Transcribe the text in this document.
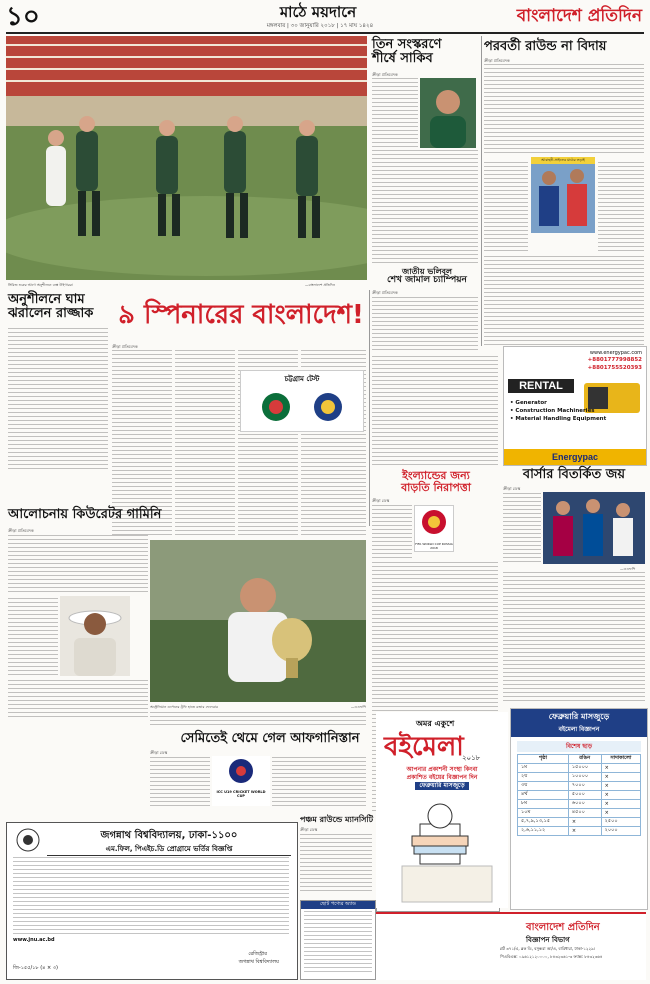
১০	মাঠে ময়দানে
মঙ্গলবার | ৩০ জানুয়ারি ২০১৮ | ১৭ মাঘ ১৪২৪	বাংলাদেশ প্রতিদিন
সিরিজ শুরুর আগে অনুশীলনে ব্যস্ত টাইগাররা	—বাংলাদেশ প্রতিদিন
তিন সংস্করণে
শীর্ষে সাকিব
ক্রীড়া প্রতিবেদক
জাতীয় ভলিবল
শেখ জামাল চ্যাম্পিয়ন
ক্রীড়া প্রতিবেদক
পরবর্তী রাউন্ড না বিদায়
ক্রীড়া প্রতিবেদক
আবাহনী-সাইফের মাঠের লড়াই
অনুশীলনে ঘাম
ঝরালেন রাজ্জাক ৯ স্পিনারের বাংলাদেশ!
ক্রীড়া প্রতিবেদক
চট্টগ্রাম টেস্ট
ইংল্যান্ডের জন্য
বাড়তি নিরাপত্তা
ক্রীড়া ডেস্ক
FIFA WORLD CUP RUSSIA 2018
www.energypac.com
+8801777998852
+8801755520393
RENTAL
• Generator
• Construction Machineries
• Material Handling Equipment
Energypac
বার্সার বিতর্কিত জয়
ক্রীড়া ডেস্ক
—এএফপি
আলোচনায় কিউরেটর গামিনি
ক্রীড়া প্রতিবেদক
অস্ট্রেলিয়ান ওপেনের ট্রফি হাতে রজার ফেদেরার	—এএফপি
সেমিতেই থেমে গেল আফগানিস্তান
ক্রীড়া ডেস্ক
ICC U19 CRICKET WORLD CUP
জগন্নাথ বিশ্ববিদ্যালয়, ঢাকা-১১০০
এম.ফিল, পিএইচ.ডি প্রোগ্রামে ভর্তির বিজ্ঞপ্তি
www.jnu.ac.bd
রেজিস্ট্রার
জগন্নাথ বিশ্ববিদ্যালয়
জি-১৫৫/১৮ (৪ × ৩)
পঞ্চম রাউন্ডে ম্যানসিটি
ক্রীড়া ডেস্ক
ছোট পণ্যের অ্যাড
অমর একুশে
বইমেলা
২০১৮
আপনার প্রকাশনী সংস্থা কিংবা
প্রকাশিত বইয়ের বিজ্ঞাপন দিন
ফেব্রুয়ারি মাসজুড়ে
ফেব্রুয়ারি মাসজুড়ে
বইমেলা বিজ্ঞাপন
বিশেষ ছাড়
পৃষ্ঠা	রঙিন	সাদাকালো
১ম	১৫০০০	×
২য়	১০০০০	×
৩য়	৭০০০	×
৪র্থ	৫০০০	×
৮ম	৬০০০	×
১০ম	৪৫০০	×
৫,৭,৯,১৩,১৫	×	২৫০০
২,৬,১১,১২	×	২০০০
বাংলাদেশ প্রতিদিন
বিজ্ঞাপন বিভাগ
প্লট ৩৭১/এ, ব্লক ডি, বসুন্ধরা আ/এ, বারিধারা, ঢাকা-১২২৯।
পিএবিএক্স: ০৯৬১২১২০০০০, ৮৪৩২৩৬১-৩ ফ্যাক্স: ৮৪৩২৩৬৪
